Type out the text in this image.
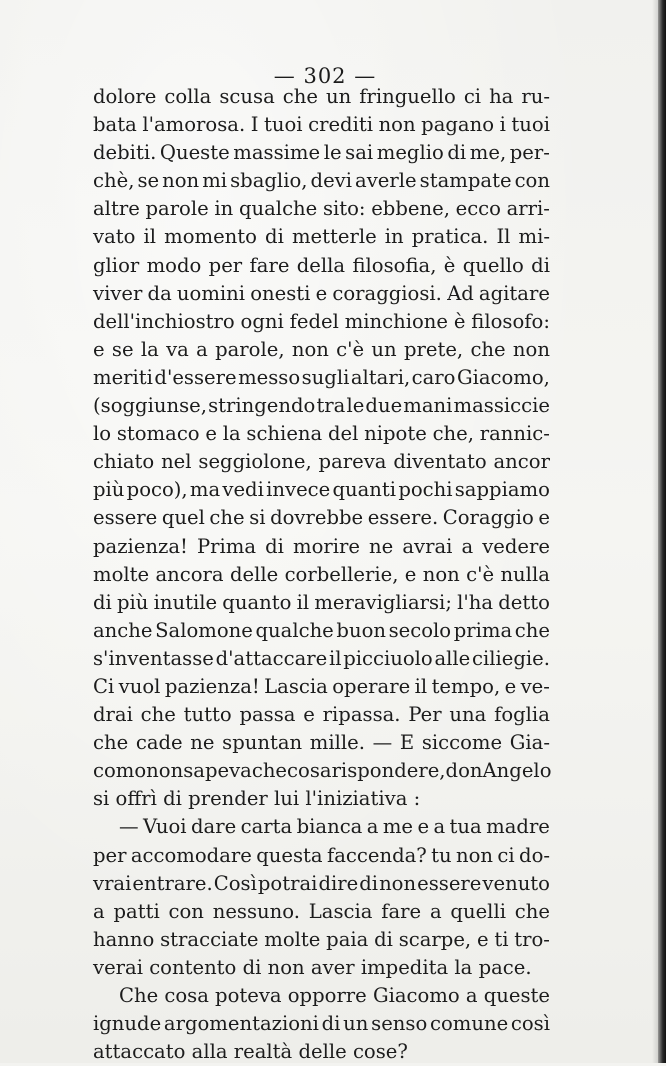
— 302 —
dolore colla scusa che un fringuello ci ha ru-
bata l'amorosa. I tuoi crediti non pagano i tuoi
debiti. Queste massime le sai meglio di me, per-
chè, se non mi sbaglio, devi averle stampate con
altre parole in qualche sito: ebbene, ecco arri-
vato il momento di metterle in pratica. Il mi-
glior modo per fare della filosofia, è quello di
viver da uomini onesti e coraggiosi. Ad agitare
dell'inchiostro ogni fedel minchione è filosofo:
e se la va a parole, non c'è un prete, che non
meriti d'essere messo sugli altari, caro Giacomo,
(soggiunse, stringendo tra le due mani massiccie
lo stomaco e la schiena del nipote che, rannic-
chiato nel seggiolone, pareva diventato ancor
più poco), ma vedi invece quanti pochi sappiamo
essere quel che si dovrebbe essere. Coraggio e
pazienza! Prima di morire ne avrai a vedere
molte ancora delle corbellerie, e non c'è nulla
di più inutile quanto il meravigliarsi; l'ha detto
anche Salomone qualche buon secolo prima che
s'inventasse d'attaccare il picciuolo alle ciliegie.
Ci vuol pazienza! Lascia operare il tempo, e ve-
drai che tutto passa e ripassa. Per una foglia
che cade ne spuntan mille. — E siccome Gia-
como non sapeva che cosa rispondere, don Angelo
si offrì di prender lui l'iniziativa :
— Vuoi dare carta bianca a me e a tua madre
per accomodare questa faccenda? tu non ci do-
vrai entrare. Così potrai dire di non essere venuto
a patti con nessuno. Lascia fare a quelli che
hanno stracciate molte paia di scarpe, e ti tro-
verai contento di non aver impedita la pace.
Che cosa poteva opporre Giacomo a queste
ignude argomentazioni di un senso comune così
attaccato alla realtà delle cose?
